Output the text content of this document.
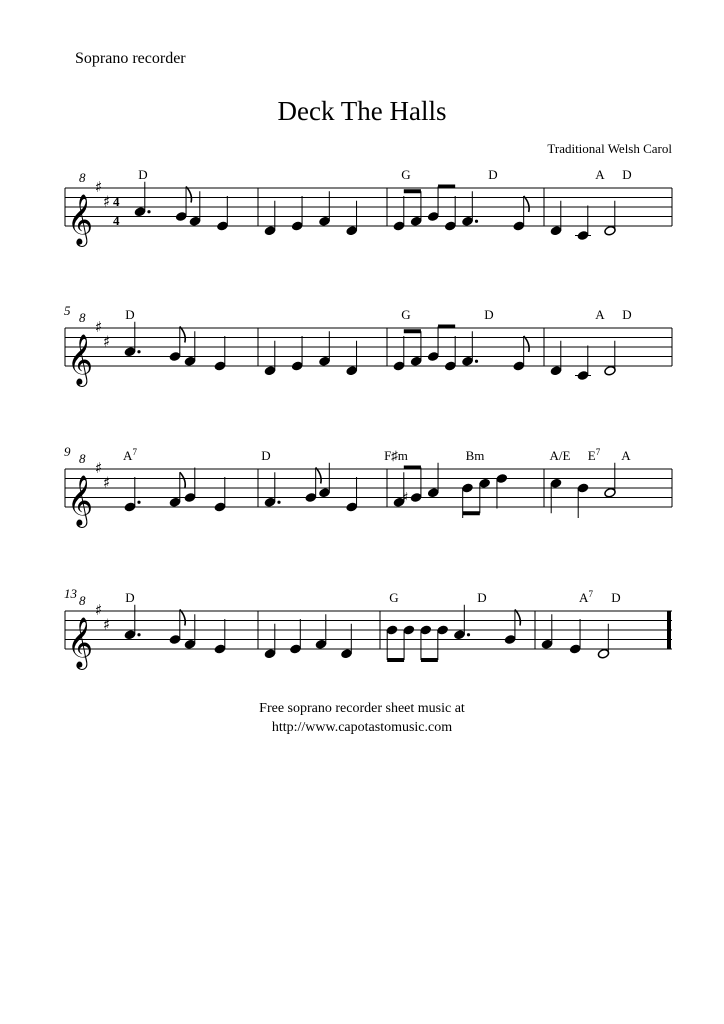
Soprano recorder
Deck The Halls
Traditional Welsh Carol
𝄞
8
♯
♯ 4
4
D	G	D	A D
𝄞
8
♯
♯
5	D	G	D	A D
𝄞
8
♯
♯
9	$A^7$	D	F♯m	Bm	A/E $E^7$ A
♯
𝄞
8
♯
♯
13	D	G	D	$A^7$ D
Free soprano recorder sheet music at
http://www.capotastomusic.com
